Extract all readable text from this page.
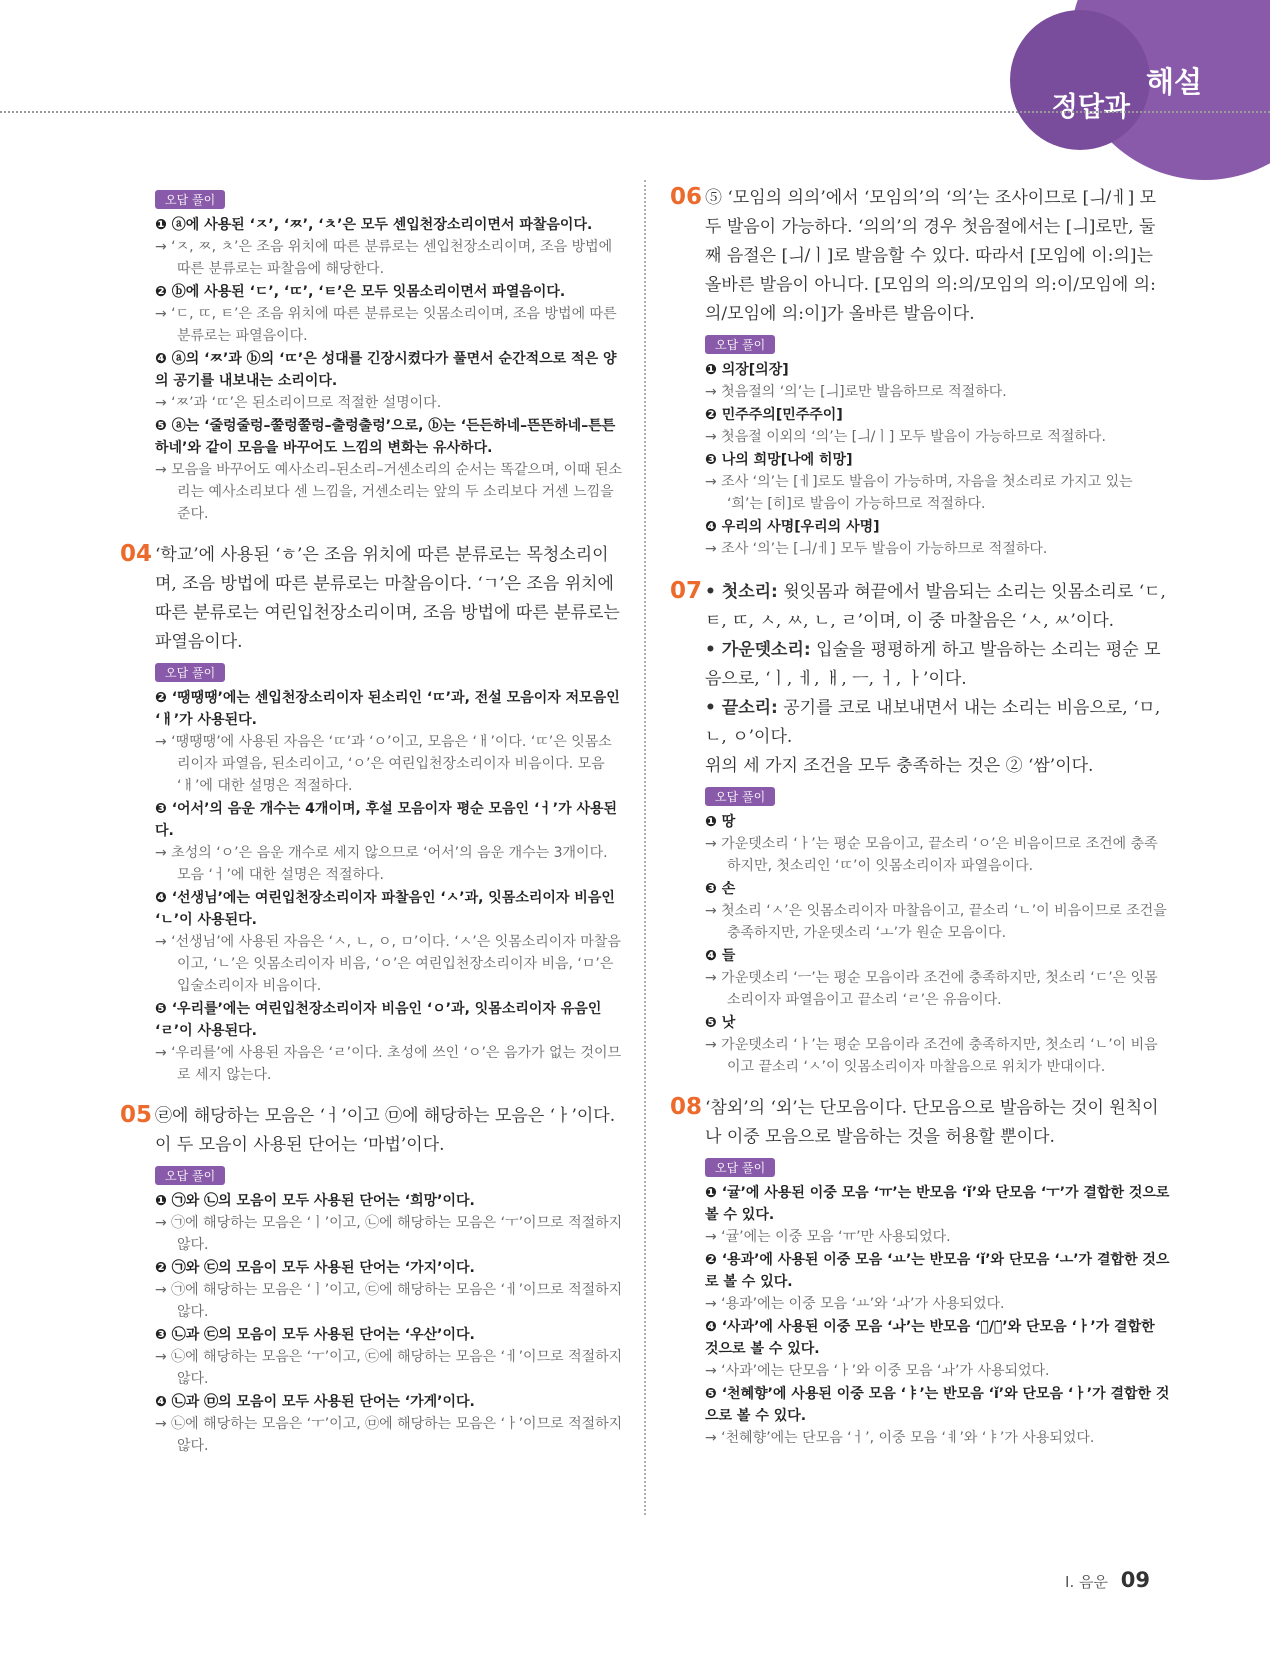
정답과
해설
오답 풀이
❶ ⓐ에 사용된 ‘ㅈ’, ‘ㅉ’, ‘ㅊ’은 모두 센입천장소리이면서 파찰음이다.
→ ‘ㅈ, ㅉ, ㅊ’은 조음 위치에 따른 분류로는 센입천장소리이며, 조음 방법에 따른 분류로는 파찰음에 해당한다.
❷ ⓑ에 사용된 ‘ㄷ’, ‘ㄸ’, ‘ㅌ’은 모두 잇몸소리이면서 파열음이다.
→ ‘ㄷ, ㄸ, ㅌ’은 조음 위치에 따른 분류로는 잇몸소리이며, 조음 방법에 따른 분류로는 파열음이다.
❹ ⓐ의 ‘ㅉ’과 ⓑ의 ‘ㄸ’은 성대를 긴장시켰다가 풀면서 순간적으로 적은 양의 공기를 내보내는 소리이다.
→ ‘ㅉ’과 ‘ㄸ’은 된소리이므로 적절한 설명이다.
❺ ⓐ는 ‘줄렁줄렁–쭐렁쭐렁–출렁출렁’으로, ⓑ는 ‘든든하네–뜬뜬하네–튼튼하네’와 같이 모음을 바꾸어도 느낌의 변화는 유사하다.
→ 모음을 바꾸어도 예사소리–된소리–거센소리의 순서는 똑같으며, 이때 된소리는 예사소리보다 센 느낌을, 거센소리는 앞의 두 소리보다 거센 느낌을 준다.
04 ‘학교’에 사용된 ‘ㅎ’은 조음 위치에 따른 분류로는 목청소리이며, 조음 방법에 따른 분류로는 마찰음이다. ‘ㄱ’은 조음 위치에 따른 분류로는 여린입천장소리이며, 조음 방법에 따른 분류로는 파열음이다.
오답 풀이
❷ ‘땡땡땡’에는 센입천장소리이자 된소리인 ‘ㄸ’과, 전설 모음이자 저모음인 ‘ㅐ’가 사용된다.
→ ‘땡땡땡’에 사용된 자음은 ‘ㄸ’과 ‘ㅇ’이고, 모음은 ‘ㅐ’이다. ‘ㄸ’은 잇몸소리이자 파열음, 된소리이고, ‘ㅇ’은 여린입천장소리이자 비음이다. 모음 ‘ㅐ’에 대한 설명은 적절하다.
❸ ‘어서’의 음운 개수는 4개이며, 후설 모음이자 평순 모음인 ‘ㅓ’가 사용된다.
→ 초성의 ‘ㅇ’은 음운 개수로 세지 않으므로 ‘어서’의 음운 개수는 3개이다. 모음 ‘ㅓ’에 대한 설명은 적절하다.
❹ ‘선생님’에는 여린입천장소리이자 파찰음인 ‘ㅅ’과, 잇몸소리이자 비음인 ‘ㄴ’이 사용된다.
→ ‘선생님’에 사용된 자음은 ‘ㅅ, ㄴ, ㅇ, ㅁ’이다. ‘ㅅ’은 잇몸소리이자 마찰음이고, ‘ㄴ’은 잇몸소리이자 비음, ‘ㅇ’은 여린입천장소리이자 비음, ‘ㅁ’은 입술소리이자 비음이다.
❺ ‘우리를’에는 여린입천장소리이자 비음인 ‘ㅇ’과, 잇몸소리이자 유음인 ‘ㄹ’이 사용된다.
→ ‘우리를’에 사용된 자음은 ‘ㄹ’이다. 초성에 쓰인 ‘ㅇ’은 음가가 없는 것이므로 세지 않는다.
05 ㉣에 해당하는 모음은 ‘ㅓ’이고 ㉤에 해당하는 모음은 ‘ㅏ’이다. 이 두 모음이 사용된 단어는 ‘마법’이다.
오답 풀이
❶ ㉠와 ㉡의 모음이 모두 사용된 단어는 ‘희망’이다.
→ ㉠에 해당하는 모음은 ‘ㅣ’이고, ㉡에 해당하는 모음은 ‘ㅜ’이므로 적절하지 않다.
❷ ㉠와 ㉢의 모음이 모두 사용된 단어는 ‘가지’이다.
→ ㉠에 해당하는 모음은 ‘ㅣ’이고, ㉢에 해당하는 모음은 ‘ㅔ’이므로 적절하지 않다.
❸ ㉡과 ㉢의 모음이 모두 사용된 단어는 ‘우산’이다.
→ ㉡에 해당하는 모음은 ‘ㅜ’이고, ㉢에 해당하는 모음은 ‘ㅔ’이므로 적절하지 않다.
❹ ㉡과 ㉤의 모음이 모두 사용된 단어는 ‘가게’이다.
→ ㉡에 해당하는 모음은 ‘ㅜ’이고, ㉤에 해당하는 모음은 ‘ㅏ’이므로 적절하지 않다.
06 ⑤ ‘모임의 의의’에서 ‘모임의’의 ‘의’는 조사이므로 [ㅢ/ㅔ] 모두 발음이 가능하다. ‘의의’의 경우 첫음절에서는 [ㅢ]로만, 둘째 음절은 [ㅢ/ㅣ]로 발음할 수 있다. 따라서 [모임에 이:의]는 올바른 발음이 아니다. [모임의 의:의/모임의 의:이/모임에 의:의/모임에 의:이]가 올바른 발음이다.
오답 풀이
❶ 의장[의장]
→ 첫음절의 ‘의’는 [ㅢ]로만 발음하므로 적절하다.
❷ 민주주의[민주주이]
→ 첫음절 이외의 ‘의’는 [ㅢ/ㅣ] 모두 발음이 가능하므로 적절하다.
❸ 나의 희망[나에 히망]
→ 조사 ‘의’는 [ㅔ]로도 발음이 가능하며, 자음을 첫소리로 가지고 있는 ‘희’는 [히]로 발음이 가능하므로 적절하다.
❹ 우리의 사명[우리의 사명]
→ 조사 ‘의’는 [ㅢ/ㅔ] 모두 발음이 가능하므로 적절하다.
07 • 첫소리: 윗잇몸과 혀끝에서 발음되는 소리는 잇몸소리로 ‘ㄷ, ㅌ, ㄸ, ㅅ, ㅆ, ㄴ, ㄹ’이며, 이 중 마찰음은 ‘ㅅ, ㅆ’이다.
• 가운뎃소리: 입술을 평평하게 하고 발음하는 소리는 평순 모음으로, ‘ㅣ, ㅔ, ㅐ, ㅡ, ㅓ, ㅏ’이다.
• 끝소리: 공기를 코로 내보내면서 내는 소리는 비음으로, ‘ㅁ, ㄴ, ㅇ’이다.
위의 세 가지 조건을 모두 충족하는 것은 ② ‘쌈’이다.
오답 풀이
❶ 땅
→ 가운뎃소리 ‘ㅏ’는 평순 모음이고, 끝소리 ‘ㅇ’은 비음이므로 조건에 충족하지만, 첫소리인 ‘ㄸ’이 잇몸소리이자 파열음이다.
❸ 손
→ 첫소리 ‘ㅅ’은 잇몸소리이자 마찰음이고, 끝소리 ‘ㄴ’이 비음이므로 조건을 충족하지만, 가운뎃소리 ‘ㅗ’가 원순 모음이다.
❹ 들
→ 가운뎃소리 ‘ㅡ’는 평순 모음이라 조건에 충족하지만, 첫소리 ‘ㄷ’은 잇몸소리이자 파열음이고 끝소리 ‘ㄹ’은 유음이다.
❺ 낫
→ 가운뎃소리 ‘ㅏ’는 평순 모음이라 조건에 충족하지만, 첫소리 ‘ㄴ’이 비음이고 끝소리 ‘ㅅ’이 잇몸소리이자 마찰음으로 위치가 반대이다.
08 ‘참외’의 ‘외’는 단모음이다. 단모음으로 발음하는 것이 원칙이나 이중 모음으로 발음하는 것을 허용할 뿐이다.
오답 풀이
❶ ‘귤’에 사용된 이중 모음 ‘ㅠ’는 반모음 ‘ǐ’와 단모음 ‘ㅜ’가 결합한 것으로 볼 수 있다.
→ ‘귤’에는 이중 모음 ‘ㅠ’만 사용되었다.
❷ ‘용과’에 사용된 이중 모음 ‘ㅛ’는 반모음 ‘ǐ’와 단모음 ‘ㅗ’가 결합한 것으로 볼 수 있다.
→ ‘용과’에는 이중 모음 ‘ㅛ’와 ‘ㅘ’가 사용되었다.
❹ ‘사과’에 사용된 이중 모음 ‘ㅘ’는 반모음 ‘ㅗ̆/ㅜ̆’와 단모음 ‘ㅏ’가 결합한 것으로 볼 수 있다.
→ ‘사과’에는 단모음 ‘ㅏ’와 이중 모음 ‘ㅘ’가 사용되었다.
❺ ‘천혜향’에 사용된 이중 모음 ‘ㅑ’는 반모음 ‘ǐ’와 단모음 ‘ㅏ’가 결합한 것으로 볼 수 있다.
→ ‘천혜향’에는 단모음 ‘ㅓ’, 이중 모음 ‘ㅖ’와 ‘ㅑ’가 사용되었다.
Ⅰ. 음운 09
